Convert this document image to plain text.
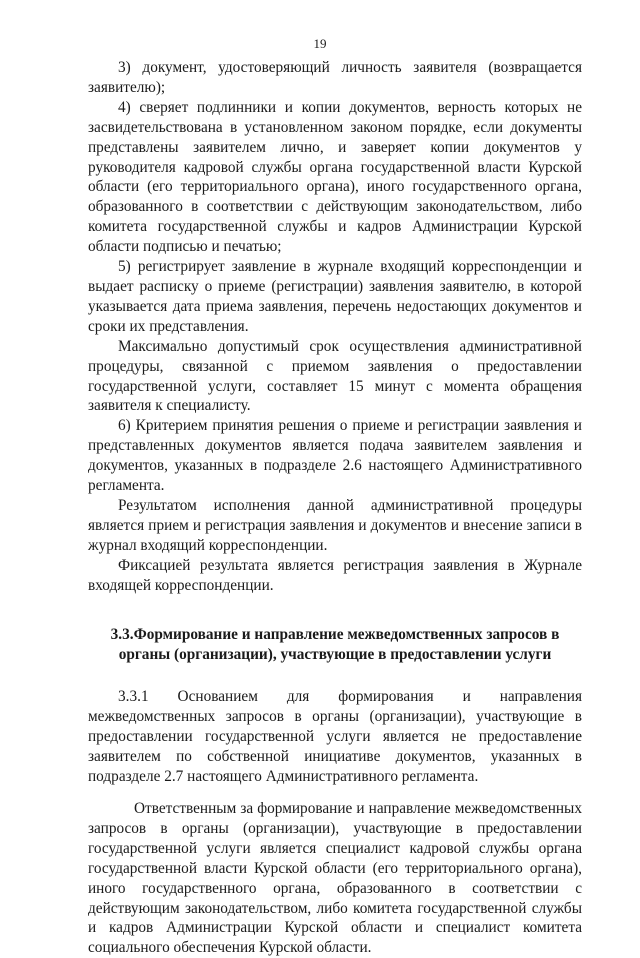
19

3) документ, удостоверяющий личность заявителя (возвращается заявителю);

4) сверяет подлинники и копии документов, верность которых не засвидетельствована в установленном законом порядке, если документы представлены заявителем лично, и заверяет копии документов у руководителя кадровой службы органа государственной власти Курской области (его территориального органа), иного государственного органа, образованного в соответствии с действующим законодательством, либо комитета государственной службы и кадров Администрации Курской области подписью и печатью;

5) регистрирует заявление в журнале входящий корреспонденции и выдает расписку о приеме (регистрации) заявления заявителю, в которой указывается дата приема заявления, перечень недостающих документов и сроки их представления.

Максимально допустимый срок осуществления административной процедуры, связанной с приемом заявления о предоставлении государственной услуги, составляет 15 минут с момента обращения заявителя к специалисту.

6) Критерием принятия решения о приеме и регистрации заявления и представленных документов является подача заявителем заявления и документов, указанных в подразделе 2.6 настоящего Административного регламента.

Результатом исполнения данной административной процедуры является прием и регистрация заявления и документов и внесение записи в журнал входящий корреспонденции.

Фиксацией результата является регистрация заявления в Журнале входящей корреспонденции.

3.3.Формирование и направление межведомственных запросов в органы (организации), участвующие в предоставлении услуги

3.3.1 Основанием для формирования и направления межведомственных запросов в органы (организации), участвующие в предоставлении государственной услуги является не предоставление заявителем по собственной инициативе документов, указанных в подразделе 2.7 настоящего Административного регламента.

Ответственным за формирование и направление межведомственных запросов в органы (организации), участвующие в предоставлении государственной услуги является специалист кадровой службы органа государственной власти Курской области (его территориального органа), иного государственного органа, образованного в соответствии с действующим законодательством, либо комитета государственной службы и кадров Администрации Курской области и специалист комитета социального обеспечения Курской области.
